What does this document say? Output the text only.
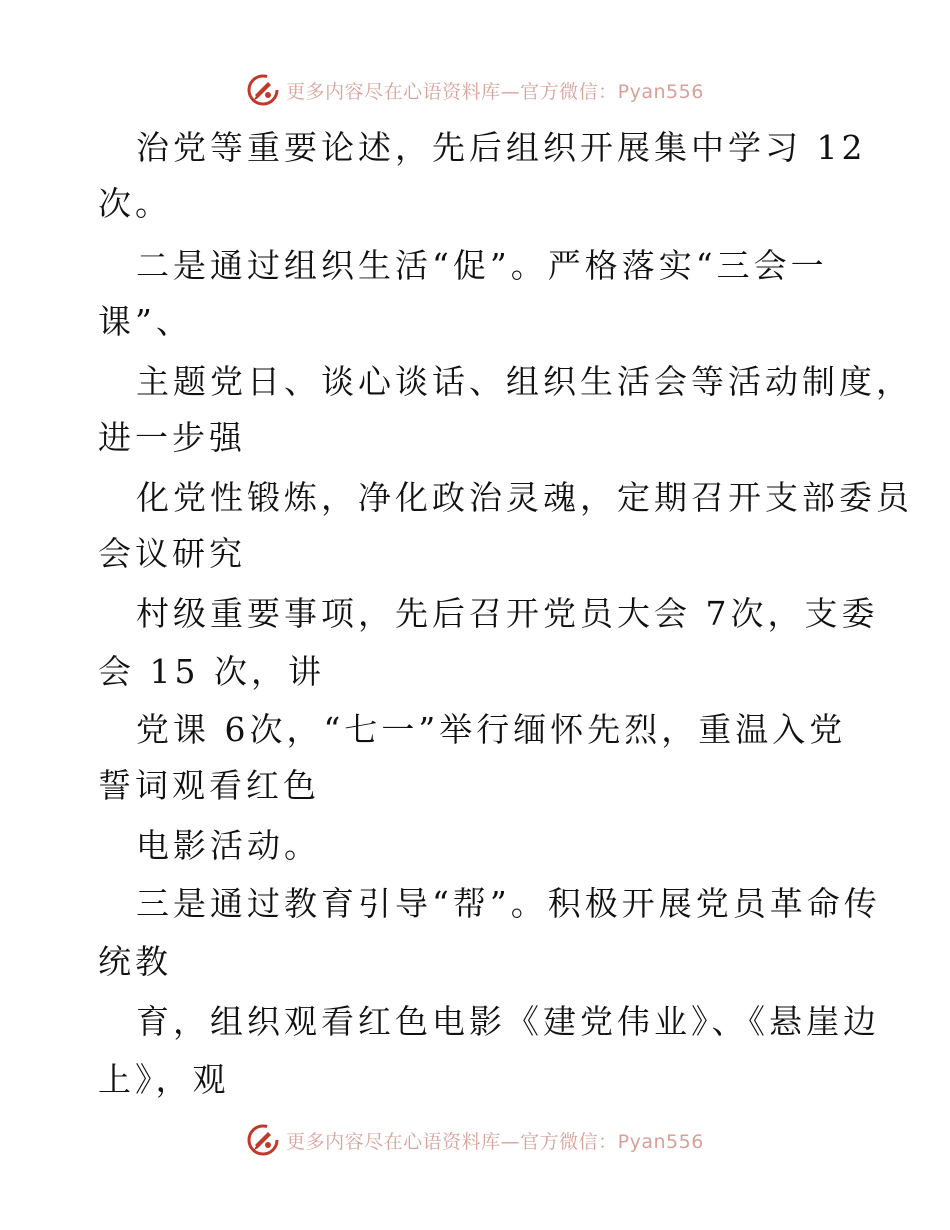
更多内容尽在心语资料库—官方微信：Pyan556
治党等重要论述，先后组织开展集中学习 12
次。
二是通过组织生活“促”。严格落实“三会一
课”、
主题党日、谈心谈话、组织生活会等活动制度，
进一步强
化党性锻炼，净化政治灵魂，定期召开支部委员
会议研究
村级重要事项，先后召开党员大会 7次，支委
会 15 次，讲
党课 6次，“七一”举行缅怀先烈，重温入党
誓词观看红色
电影活动。
三是通过教育引导“帮”。积极开展党员革命传
统教
育，组织观看红色电影《建党伟业》、《悬崖边
上》，观
更多内容尽在心语资料库—官方微信：Pyan556
